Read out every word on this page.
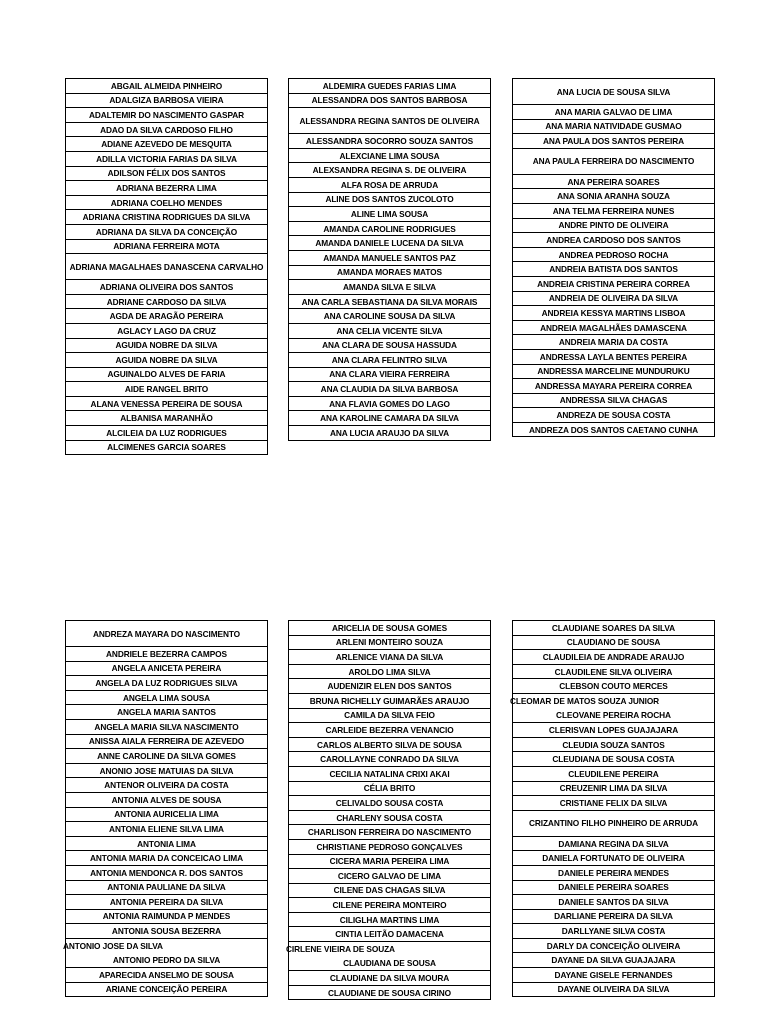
ABGAIL ALMEIDA PINHEIRO
ADALGIZA BARBOSA VIEIRA
ADALTEMIR DO NASCIMENTO GASPAR
ADAO DA SILVA CARDOSO FILHO
ADIANE AZEVEDO DE MESQUITA
ADILLA VICTORIA FARIAS DA SILVA
ADILSON FÉLIX DOS SANTOS
ADRIANA BEZERRA LIMA
ADRIANA COELHO MENDES
ADRIANA CRISTINA RODRIGUES DA SILVA
ADRIANA DA SILVA DA CONCEIÇÃO
ADRIANA FERREIRA MOTA
ADRIANA MAGALHAES DANASCENA CARVALHO
ADRIANA OLIVEIRA DOS SANTOS
ADRIANE CARDOSO DA SILVA
AGDA DE ARAGÃO PEREIRA
AGLACY LAGO DA CRUZ
AGUIDA NOBRE DA SILVA
AGUIDA NOBRE DA SILVA
AGUINALDO ALVES DE FARIA
AIDE RANGEL BRITO
ALANA VENESSA PEREIRA DE SOUSA
ALBANISA MARANHÃO
ALCILEIA DA LUZ RODRIGUES
ALCIMENES GARCIA SOARES
ALDEMIRA GUEDES FARIAS LIMA
ALESSANDRA DOS SANTOS BARBOSA
ALESSANDRA REGINA SANTOS DE OLIVEIRA
ALESSANDRA SOCORRO SOUZA SANTOS
ALEXCIANE LIMA SOUSA
ALEXSANDRA REGINA S. DE OLIVEIRA
ALFA ROSA DE ARRUDA
ALINE DOS SANTOS ZUCOLOTO
ALINE LIMA SOUSA
AMANDA CAROLINE RODRIGUES
AMANDA DANIELE LUCENA DA SILVA
AMANDA MANUELE SANTOS PAZ
AMANDA MORAES MATOS
AMANDA SILVA E SILVA
ANA CARLA SEBASTIANA DA SILVA MORAIS
ANA CAROLINE SOUSA DA SILVA
ANA CELIA VICENTE SILVA
ANA CLARA DE SOUSA HASSUDA
ANA CLARA FELINTRO SILVA
ANA CLARA VIEIRA FERREIRA
ANA CLAUDIA DA SILVA BARBOSA
ANA FLAVIA GOMES DO LAGO
ANA KAROLINE CAMARA DA SILVA
ANA LUCIA ARAUJO DA SILVA
ANA LUCIA DE SOUSA SILVA
ANA MARIA GALVAO DE LIMA
ANA MARIA NATIVIDADE GUSMAO
ANA PAULA DOS SANTOS PEREIRA
ANA PAULA FERREIRA DO NASCIMENTO
ANA PEREIRA SOARES
ANA SONIA ARANHA SOUZA
ANA TELMA FERREIRA NUNES
ANDRE PINTO DE OLIVEIRA
ANDREA CARDOSO DOS SANTOS
ANDREA PEDROSO ROCHA
ANDREIA BATISTA DOS SANTOS
ANDREIA CRISTINA PEREIRA CORREA
ANDREIA DE OLIVEIRA DA SILVA
ANDREIA KESSYA MARTINS LISBOA
ANDREIA MAGALHÃES DAMASCENA
ANDREIA MARIA DA COSTA
ANDRESSA LAYLA BENTES PEREIRA
ANDRESSA MARCELINE MUNDURUKU
ANDRESSA MAYARA PEREIRA CORREA
ANDRESSA SILVA CHAGAS
ANDREZA DE SOUSA COSTA
ANDREZA DOS SANTOS CAETANO CUNHA
ANDREZA MAYARA DO NASCIMENTO
ANDRIELE BEZERRA CAMPOS
ANGELA ANICETA PEREIRA
ANGELA DA LUZ RODRIGUES SILVA
ANGELA LIMA SOUSA
ANGELA MARIA SANTOS
ANGELA MARIA SILVA NASCIMENTO
ANISSA AIALA FERREIRA DE AZEVEDO
ANNE CAROLINE DA SILVA GOMES
ANONIO JOSE MATUIAS DA SILVA
ANTENOR OLIVEIRA DA COSTA
ANTONIA ALVES DE SOUSA
ANTONIA AURICELIA LIMA
ANTONIA ELIENE SILVA LIMA
ANTONIA LIMA
ANTONIA MARIA DA CONCEICAO LIMA
ANTONIA MENDONCA R. DOS SANTOS
ANTONIA PAULIANE DA SILVA
ANTONIA PEREIRA DA SILVA
ANTONIA RAIMUNDA P MENDES
ANTONIA SOUSA BEZERRA
ANTONIO JOSE DA SILVA
ANTONIO PEDRO DA SILVA
APARECIDA ANSELMO DE SOUSA
ARIANE CONCEIÇÃO PEREIRA
ARICELIA DE SOUSA GOMES
ARLENI MONTEIRO SOUZA
ARLENICE VIANA DA SILVA
AROLDO LIMA SILVA
AUDENIZIR ELEN DOS SANTOS
BRUNA RICHELLY GUIMARÃES ARAUJO
CAMILA DA SILVA FEIO
CARLEIDE BEZERRA VENANCIO
CARLOS ALBERTO SILVA DE SOUSA
CAROLLAYNE CONRADO DA SILVA
CECILIA NATALINA CRIXI AKAI
CÉLIA BRITO
CELIVALDO SOUSA COSTA
CHARLENY SOUSA COSTA
CHARLISON FERREIRA DO NASCIMENTO
CHRISTIANE PEDROSO GONÇALVES
CICERA MARIA PEREIRA LIMA
CICERO GALVAO DE LIMA
CILENE DAS CHAGAS SILVA
CILENE PEREIRA MONTEIRO
CILIGLHA MARTINS LIMA
CINTIA LEITÃO DAMACENA
CIRLENE VIEIRA DE SOUZA
CLAUDIANA DE SOUSA
CLAUDIANE DA SILVA MOURA
CLAUDIANE DE SOUSA CIRINO
CLAUDIANE SOARES DA SILVA
CLAUDIANO DE SOUSA
CLAUDILEIA DE ANDRADE ARAUJO
CLAUDILENE SILVA OLIVEIRA
CLEBSON COUTO MERCES
CLEOMAR DE MATOS SOUZA JUNIOR
CLEOVANE PEREIRA ROCHA
CLERISVAN LOPES GUAJAJARA
CLEUDIA SOUZA SANTOS
CLEUDIANA DE SOUSA COSTA
CLEUDILENE PEREIRA
CREUZENIR LIMA DA SILVA
CRISTIANE FELIX DA SILVA
CRIZANTINO FILHO PINHEIRO DE ARRUDA
DAMIANA REGINA DA SILVA
DANIELA FORTUNATO DE OLIVEIRA
DANIELE PEREIRA MENDES
DANIELE PEREIRA SOARES
DANIELE SANTOS DA SILVA
DARLIANE PEREIRA DA SILVA
DARLLYANE SILVA COSTA
DARLY DA CONCEIÇÃO OLIVEIRA
DAYANE DA SILVA GUAJAJARA
DAYANE GISELE FERNANDES
DAYANE OLIVEIRA DA SILVA
